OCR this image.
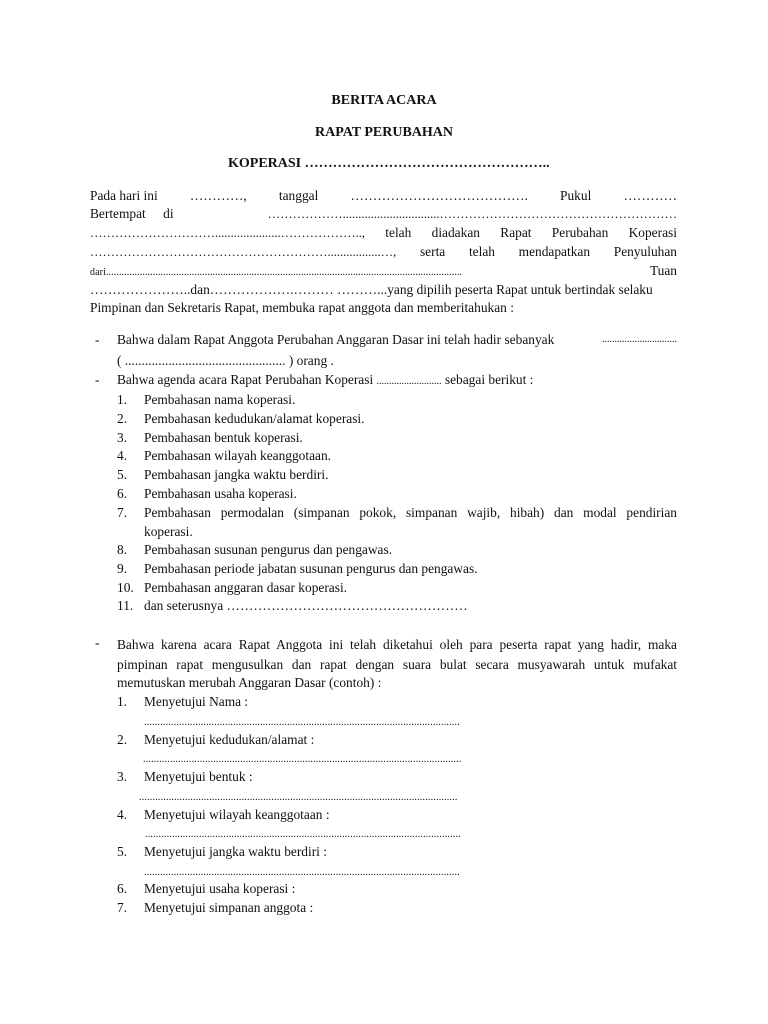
BERITA ACARA
RAPAT PERUBAHAN
KOPERASI ……………………………………………..
Pada hari ini …………, tanggal …………………………………. Pukul …………
Bertempat di	………………...............................…………………………………………………
………………………….....................……………….., telah diadakan Rapat Perubahan Koperasi
………………………………………………….................…, serta telah mendapatkan Penyuluhan
dari.........................................................................................................................................	Tuan
…………………..dan……………….……… ………...yang dipilih peserta Rapat untuk bertindak selaku
Pimpinan dan Sekretaris Rapat, membuka rapat anggota dan memberitahukan :
- Bahwa dalam Rapat Anggota Perubahan Anggaran Dasar ini telah hadir sebanyak	..............................
( ................................................ ) orang .
- Bahwa agenda acara Rapat Perubahan Koperasi .......................... sebagai berikut :
1.	Pembahasan nama koperasi.
2.	Pembahasan kedudukan/alamat koperasi.
3.	Pembahasan bentuk koperasi.
4.	Pembahasan wilayah keanggotaan.
5.	Pembahasan jangka waktu berdiri.
6.	Pembahasan usaha koperasi.
7.	Pembahasan permodalan (simpanan pokok, simpanan wajib, hibah) dan modal pendirian
koperasi.
8.	Pembahasan susunan pengurus dan pengawas.
9.	Pembahasan periode jabatan susunan pengurus dan pengawas.
10. Pembahasan anggaran dasar koperasi.
11. dan seterusnya ………………………………………………
- Bahwa karena acara Rapat Anggota ini telah diketahui oleh para peserta rapat yang hadir, maka
pimpinan rapat mengusulkan dan rapat dengan suara bulat secara musyawarah untuk mufakat
memutuskan merubah Anggaran Dasar (contoh) :
1.	Menyetujui Nama :
.....................................................................................................................
2.	Menyetujui kedudukan/alamat :
......................................................................................................................
3.	Menyetujui bentuk :
......................................................................................................................
4.	Menyetujui wilayah keanggotaan :
.....................................................................................................................
5.	Menyetujui jangka waktu berdiri :
.....................................................................................................................
6.	Menyetujui usaha koperasi :
7.	Menyetujui simpanan anggota :
